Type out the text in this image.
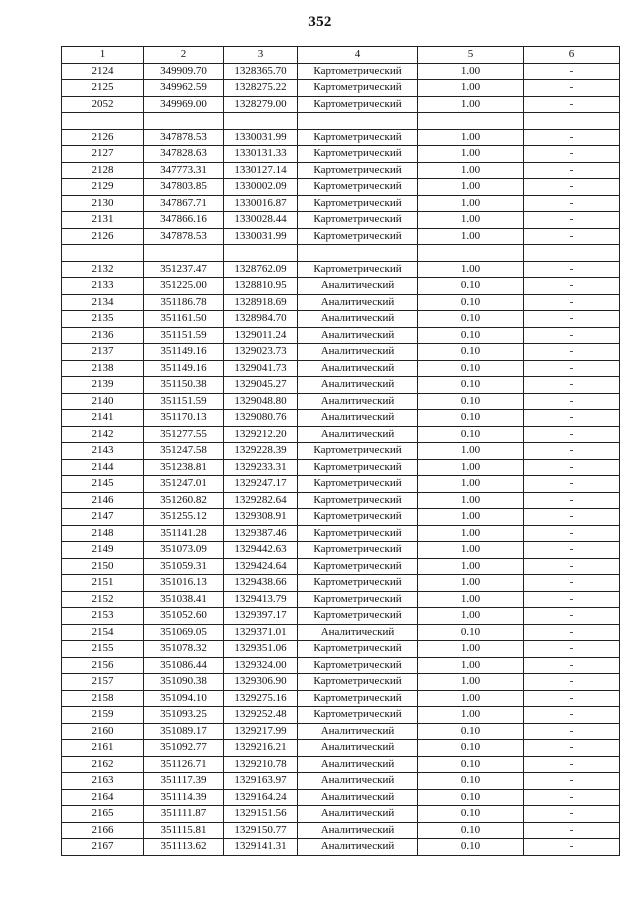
352
1	2	3	4	5	6
2124	349909.70	1328365.70	Картометрический	1.00	-
2125	349962.59	1328275.22	Картометрический	1.00	-
2052	349969.00	1328279.00	Картометрический	1.00	-

2126	347878.53	1330031.99	Картометрический	1.00	-
2127	347828.63	1330131.33	Картометрический	1.00	-
2128	347773.31	1330127.14	Картометрический	1.00	-
2129	347803.85	1330002.09	Картометрический	1.00	-
2130	347867.71	1330016.87	Картометрический	1.00	-
2131	347866.16	1330028.44	Картометрический	1.00	-
2126	347878.53	1330031.99	Картометрический	1.00	-

2132	351237.47	1328762.09	Картометрический	1.00	-
2133	351225.00	1328810.95	Аналитический	0.10	-
2134	351186.78	1328918.69	Аналитический	0.10	-
2135	351161.50	1328984.70	Аналитический	0.10	-
2136	351151.59	1329011.24	Аналитический	0.10	-
2137	351149.16	1329023.73	Аналитический	0.10	-
2138	351149.16	1329041.73	Аналитический	0.10	-
2139	351150.38	1329045.27	Аналитический	0.10	-
2140	351151.59	1329048.80	Аналитический	0.10	-
2141	351170.13	1329080.76	Аналитический	0.10	-
2142	351277.55	1329212.20	Аналитический	0.10	-
2143	351247.58	1329228.39	Картометрический	1.00	-
2144	351238.81	1329233.31	Картометрический	1.00	-
2145	351247.01	1329247.17	Картометрический	1.00	-
2146	351260.82	1329282.64	Картометрический	1.00	-
2147	351255.12	1329308.91	Картометрический	1.00	-
2148	351141.28	1329387.46	Картометрический	1.00	-
2149	351073.09	1329442.63	Картометрический	1.00	-
2150	351059.31	1329424.64	Картометрический	1.00	-
2151	351016.13	1329438.66	Картометрический	1.00	-
2152	351038.41	1329413.79	Картометрический	1.00	-
2153	351052.60	1329397.17	Картометрический	1.00	-
2154	351069.05	1329371.01	Аналитический	0.10	-
2155	351078.32	1329351.06	Картометрический	1.00	-
2156	351086.44	1329324.00	Картометрический	1.00	-
2157	351090.38	1329306.90	Картометрический	1.00	-
2158	351094.10	1329275.16	Картометрический	1.00	-
2159	351093.25	1329252.48	Картометрический	1.00	-
2160	351089.17	1329217.99	Аналитический	0.10	-
2161	351092.77	1329216.21	Аналитический	0.10	-
2162	351126.71	1329210.78	Аналитический	0.10	-
2163	351117.39	1329163.97	Аналитический	0.10	-
2164	351114.39	1329164.24	Аналитический	0.10	-
2165	351111.87	1329151.56	Аналитический	0.10	-
2166	351115.81	1329150.77	Аналитический	0.10	-
2167	351113.62	1329141.31	Аналитический	0.10	-
